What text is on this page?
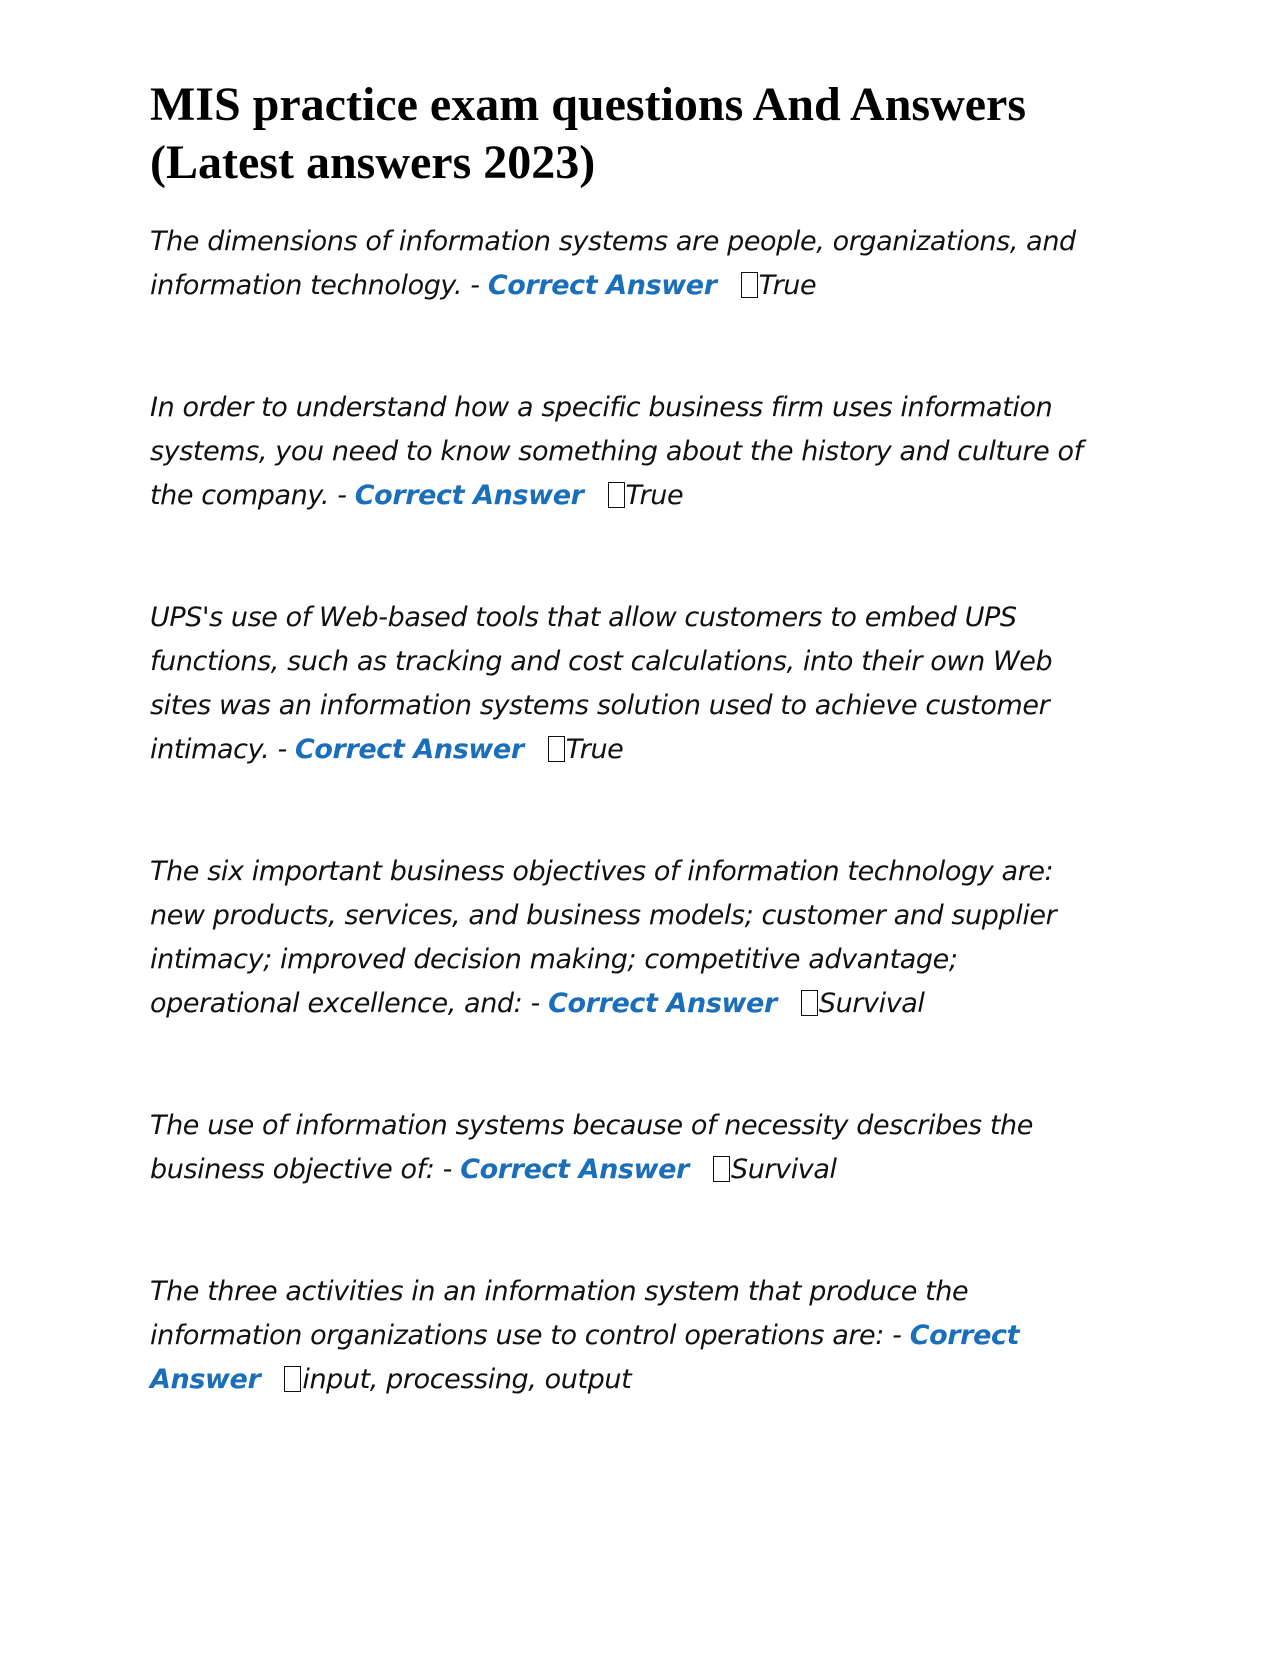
MIS practice exam questions And Answers (Latest answers 2023)

The dimensions of information systems are people, organizations, and information technology. - Correct Answer True

In order to understand how a specific business firm uses information systems, you need to know something about the history and culture of the company. - Correct Answer True

UPS's use of Web-based tools that allow customers to embed UPS functions, such as tracking and cost calculations, into their own Web sites was an information systems solution used to achieve customer intimacy. - Correct Answer True

The six important business objectives of information technology are: new products, services, and business models; customer and supplier intimacy; improved decision making; competitive advantage; operational excellence, and: - Correct Answer Survival

The use of information systems because of necessity describes the business objective of: - Correct Answer Survival

The three activities in an information system that produce the information organizations use to control operations are: - Correct Answer input, processing, output
